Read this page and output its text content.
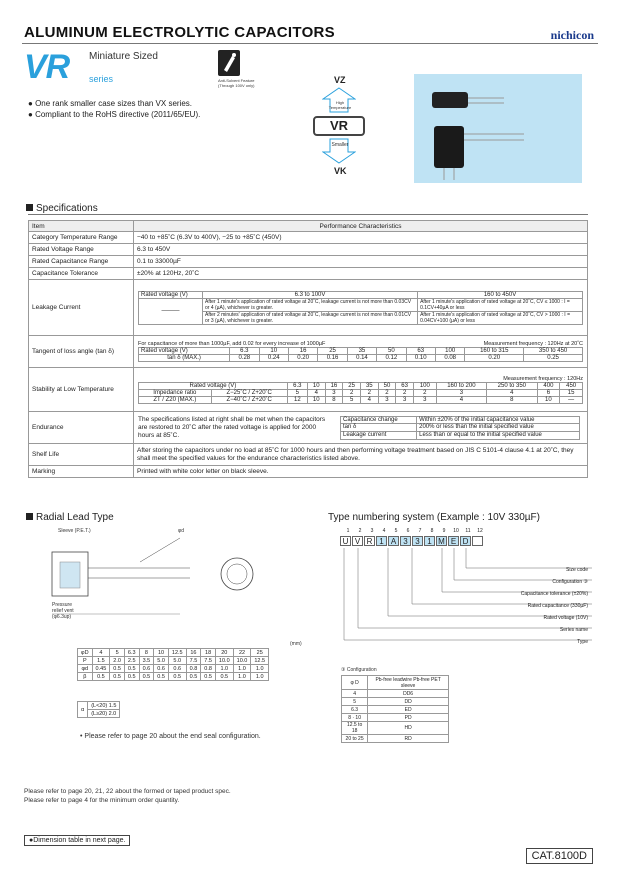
ALUMINUM ELECTROLYTIC CAPACITORS	nichicon
VR Miniature Sized
series	Anti-Solvent Feature (Through 100V only)
● One rank smaller case sizes than VX series.
● Compliant to the RoHS directive (2011/65/EU).
VZ
High Temperature
VR
Smaller
VK
Specifications
Item	Performance Characteristics
Category Temperature Range	−40 to +85˚C (6.3V to 400V), −25 to +85˚C (450V)
Rated Voltage Range	6.3 to 450V
Rated Capacitance Range	0.1 to 33000µF
Capacitance Tolerance	±20% at 120Hz, 20˚C
Leakage Current	
Rated voltage (V)	6.3 to 100V	160 to 450V
———	After 1 minute's application of rated voltage at 20˚C, leakage current is not more than 0.03CV or 4 (µA), whichever is greater.	After 1 minute's application of rated voltage at 20˚C, CV ≤ 1000 : I = 0.1CV+40µA or less
After 2 minutes' application of rated voltage at 20˚C, leakage current is not more than 0.01CV or 3 (µA), whichever is greater.	After 1 minute's application of rated voltage at 20˚C, CV > 1000 : I = 0.04CV+100 (µA) or less

Tangent of loss angle (tan δ)	
For capacitance of more than 1000µF, add 0.02 for every increase of 1000µF	Measurement frequency : 120Hz at 20˚C
Rated voltage (V)	6.3	10	16	25	35	50	63	100	160 to 315	350 to 450
tan δ (MAX.)	0.28	0.24	0.20	0.16	0.14	0.12	0.10	0.08	0.20	0.25

Stability at Low Temperature	
Measurement frequency : 120Hz
Rated voltage (V)	6.3	10	16	25	35	50	63	100	160 to 200	250 to 350	400	450
Impedance ratio	Z−25˚C / Z+20˚C	5	4	3	2	2	2	2	2	3	4	6	15
ZT / Z20 (MAX.)	Z−40˚C / Z+20˚C	12	10	8	5	4	3	3	3	4	8	10	—

Endurance	
The specifications listed at right shall be met when the capacitors are restored to 20˚C after the rated voltage is applied for 2000 hours at 85˚C.
Capacitance change	Within ±20% of the initial capacitance value
tan δ	200% or less than the initial specified value
Leakage current	Less than or equal to the initial specified value

Shelf Life	After storing the capacitors under no load at 85˚C for 1000 hours and then performing voltage treatment based on JIS C 5101-4 clause 4.1 at 20˚C, they shall meet the specified values for the endurance characteristics listed above.
Marking	Printed with white color letter on black sleeve.
Radial Lead Type
Sleeve (P.E.T.)	φd
Pressure relief vent (φ6.3up)
(mm)
φD	4	5	6.3	8	10	12.5	16	18	20	22	25
P	1.5	2.0	2.5	3.5	5.0	5.0	7.5	7.5	10.0	10.0	12.5
φd	0.45	0.5	0.5	0.6	0.6	0.6	0.8	0.8	1.0	1.0	1.0
β	0.5	0.5	0.5	0.5	0.5	0.5	0.5	0.5	0.5	1.0	1.0
α	(L<20) 1.5
(L≥20) 2.0
• Please refer to page 20 about the end seal configuration.
Type numbering system (Example : 10V 330µF)
1	2	3	4	5	6	7	8	9	10	11	12
U V R 1 A 3 3 1 M E D
Size code
Configuration ③
Capacitance tolerance (±20%)
Rated capacitance (330µF)
Rated voltage (10V)
Series name
Type
③ Configuration
φ D	Pb-free leadwire Pb-free PET sleeve
4	DD6
5	DD
6.3	ED
8 · 10	PD
12.5 to 18	HD
20 to 25	RD
Please refer to page 20, 21, 22 about the formed or taped product spec.
Please refer to page 4 for the minimum order quantity.
●Dimension table in next page.
CAT.8100D
